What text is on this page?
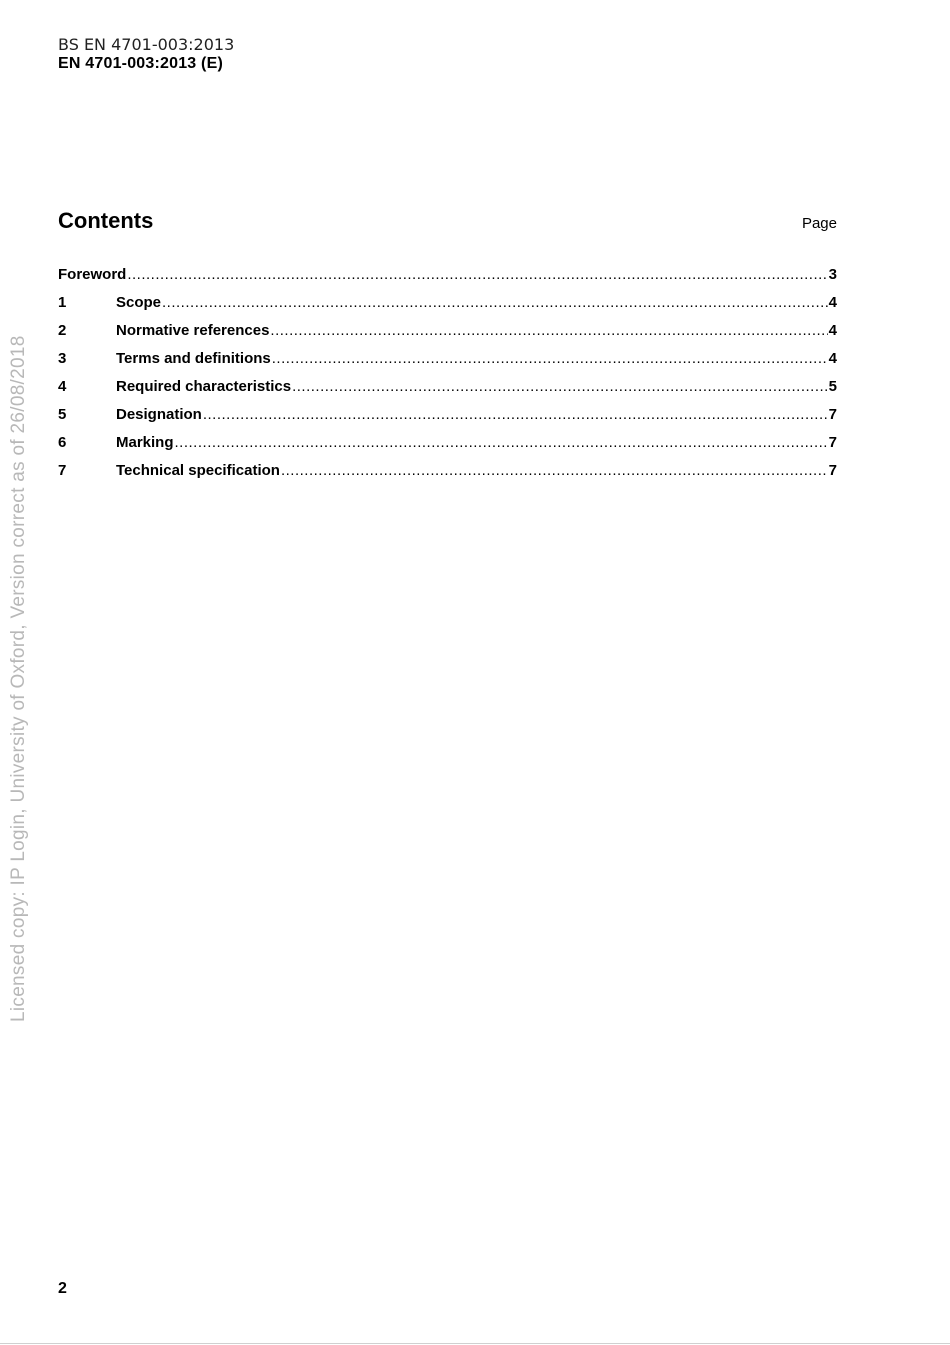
BS EN 4701-003:2013
EN 4701-003:2013 (E)
Contents	Page
Foreword .....	3
1	Scope .....	4
2	Normative references .....	4
3	Terms and definitions .....	4
4	Required characteristics .....	5
5	Designation .....	7
6	Marking .....	7
7	Technical specification .....	7
Licensed copy: IP Login, University of Oxford, Version correct as of 26/08/2018
2
